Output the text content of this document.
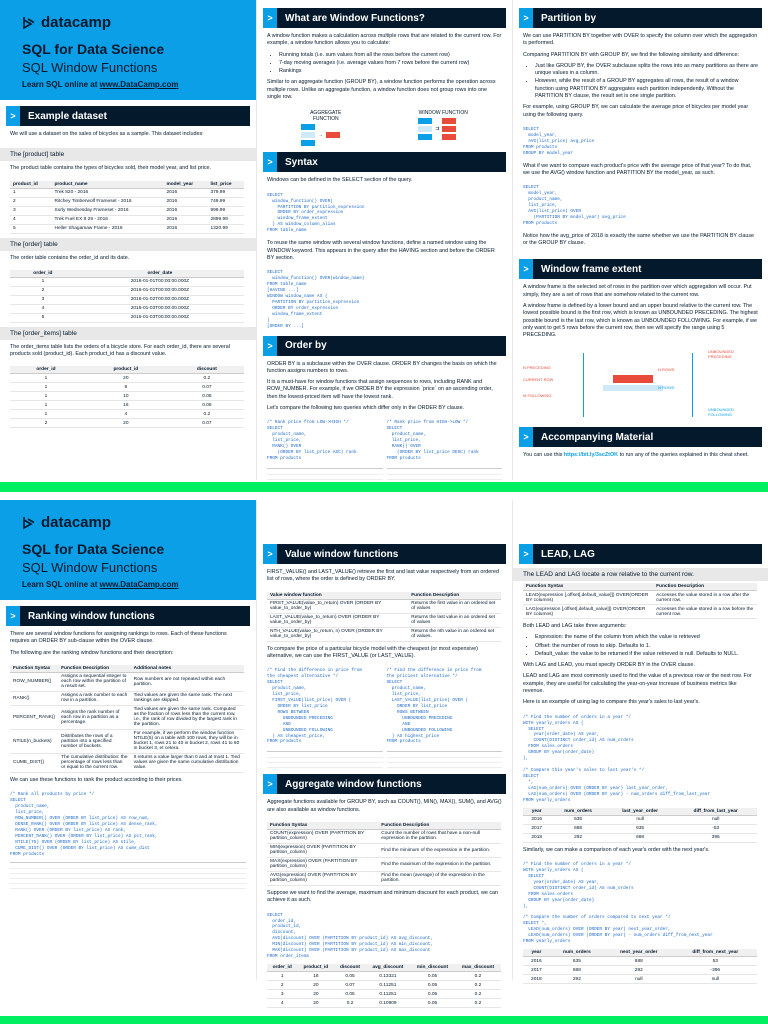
datacamp
SQL for Data Science
SQL Window Functions
Learn SQL online at www.DataCamp.com
>	Example dataset

We will use a dataset on the sales of bicycles as a sample. This dataset includes:

The [product] table

The product table contains the types of bicycles sold, their model year, and list price.

product_id	product_name	model_year	list_price
1	Trek 820 - 2016	2016	379.99
2	Ritchey Timberwolf Frameset - 2016	2016	749.99
3	Surly Wednesday Frameset - 2016	2016	999.99
4	Trek Fuel EX 8 29 - 2016	2016	2899.99
5	Heller Shagamaw Frame - 2016	2016	1320.99
The [order] table

The order table contains the order_id and its date.

order_id	order_date
1	2016-01-01T00:00:00.000Z
2	2016-01-01T00:00:00.000Z
3	2016-01-02T00:00:00.000Z
4	2016-01-03T00:00:00.000Z
5	2016-01-03T00:00:00.000Z
The [order_items] table

The order_items table lists the orders of a bicycle store. For each order_id, there are several products sold (product_id). Each product_id has a discount value.

order_id	product_id	discount
1	20	0.2
1	8	0.07
1	10	0.05
1	16	0.05
1	4	0.2
2	20	0.07
>	What are Window Functions?

A window function makes a calculation across multiple rows that are related to the current row. For example, a window function allows you to calculate:

• Running totals (i.e. sum values from all the rows before the current row)
• 7-day moving averages (i.e. average values from 7 rows before the current row)
• Rankings

Similar to an aggregate function (GROUP BY), a window function performs the operation across multiple rows. Unlike an aggregate function, a window function does not group rows into one single row.

AGGREGATE FUNCTION
→
WINDOW FUNCTION
⇉
>	Syntax

Windows can be defined in the SELECT section of the query.

SELECT
window_function() OVER(
PARTITION BY partition_expression
ORDER BY order_expression
window_frame_extent
) AS window_column_alias
FROM table_name

To reuse the same window with several window functions, define a named window using the WINDOW keyword. This appears in the query after the HAVING section and before the ORDER BY section.

SELECT
window_function() OVER(window_name)
FROM table_name
[HAVING ...]
WINDOW window_name AS (
PARTITION BY partition_expression
ORDER BY order_expression
window_frame_extent
)
[ORDER BY ...]
>	Order by

ORDER BY is a subclause within the OVER clause. ORDER BY changes the basis on which the function assigns numbers to rows.

It is a must-have for window functions that assign sequences to rows, including RANK and ROW_NUMBER. For example, if we ORDER BY the expression `price` on an ascending order, then the lowest-priced item will have the lowest rank.

Let's compare the following two queries which differ only in the ORDER BY clause.

/* Rank price from LOW->HIGH */
SELECT
product_name,
list_price,
RANK() OVER
(ORDER BY list_price ASC) rank
FROM products
/* Rank price from HIGH->LOW */
SELECT
product_name,
list_price,
RANK() OVER
(ORDER BY list_price DESC) rank
FROM products
>	Partition by

We can use PARTITION BY together with OVER to specify the column over which the aggregation is performed.

Comparing PARTITION BY with GROUP BY, we find the following similarity and difference:

• Just like GROUP BY, the OVER subclause splits the rows into as many partitions as there are unique values in a column.
• However, while the result of a GROUP BY aggregates all rows, the result of a window function using PARTITION BY aggregates each partition independently. Without the PARTITION BY clause, the result set is one single partition.

For example, using GROUP BY, we can calculate the average price of bicycles per model year using the following query.

SELECT
model_year,
AVG(list_price) avg_price
FROM products
GROUP BY model_year

What if we want to compare each product's price with the average price of that year? To do that, we use the AVG() window function and PARTITION BY the model_year, as such.

SELECT
model_year,
product_name,
list_price,
AVG(list_price) OVER
(PARTITION BY model_year) avg_price
FROM products

Notice how the avg_price of 2018 is exactly the same whether we use the PARTITION BY clause or the GROUP BY clause.

>	Window frame extent

A window frame is the selected set of rows in the partition over which aggregation will occur. Put simply, they are a set of rows that are somehow related to the current row.

A window frame is defined by a lower bound and an upper bound relative to the current row. The lowest possible bound is the first row, which is known as UNBOUNDED PRECEDING. The highest possible bound is the last row, which is known as UNBOUNDED FOLLOWING. For example, if we only want to get 5 rows before the current row, then we will specify the range using 5 PRECEDING.

UNBOUNDED PRECEDING
N PRECEDING
CURRENT ROW
N ROWS
N ROWS
M FOLLOWING
UNBOUNDED FOLLOWING
>	Accompanying Material

You can use this https://bit.ly/3scZtOK to run any of the queries explained in this cheat sheet.

datacamp
SQL for Data Science
SQL Window Functions
Learn SQL online at www.DataCamp.com
>	Ranking window functions

There are several window functions for assigning rankings to rows. Each of these functions requires an ORDER BY sub-clause within the OVER clause.

The following are the ranking window functions and their description:

Function Syntax	Function Description	Additional notes
ROW_NUMBER()	Assigns a sequential integer to each row within the partition of a result set.	Row numbers are not repeated within each partition.
RANK()	Assigns a rank number to each row in a partition.	Tied values are given the same rank. The next rankings are skipped.
PERCENT_RANK()	Assigns the rank number of each row in a partition as a percentage.	Tied values are given the same rank. Computed as the fraction of rows less than the current row, i.e., the rank of row divided by the largest rank in the partition.
NTILE(n_buckets)	Distributes the rows of a partition into a specified number of buckets.	For example, if we perform the window function NTILE(5) on a table with 100 rows, they will be in bucket 1, rows 21 to 40 in bucket 2, rows 41 to 60 in bucket 3, et cetera.
CUME_DIST()	The cumulative distribution: the percentage of rows less than or equal to the current row.	It returns a value larger than 0 and at most 1. Tied values are given the same cumulative distribution value.

We can use these functions to rank the product according to their prices.

/* Rank all products by price */
SELECT
product_name,
list_price,
ROW_NUMBER() OVER (ORDER BY list_price) AS row_num,
DENSE_RANK() OVER (ORDER BY list_price) AS dense_rank,
RANK() OVER (ORDER BY list_price) AS rank,
PERCENT_RANK() OVER (ORDER BY list_price) AS pct_rank,
NTILE(75) OVER (ORDER BY list_price) AS ntile,
CUME_DIST() OVER (ORDER BY list_price) AS cume_dist
FROM products
>	Value window functions

FIRST_VALUE() and LAST_VALUE() retrieve the first and last value respectively from an ordered list of rows, where the order is defined by ORDER BY.

Value window function	Function Description
FIRST_VALUE(value_to_return) OVER (ORDER BY value_to_order_by)	Returns the first value in an ordered set of values
LAST_VALUE(value_to_return) OVER (ORDER BY value_to_order_by)	Returns the last value in an ordered set of values
NTH_VALUE(value_to_return, n) OVER (ORDER BY value_to_order_by)	Returns the nth value in an ordered set of values.

To compare the price of a particular bicycle model with the cheapest (or most expensive) alternative, we can use the FIRST_VALUE (or LAST_VALUE).

/* Find the difference in price from
the cheapest alternative */
SELECT
product_name,
list_price,
FIRST_VALUE(list_price) OVER (
ORDER BY list_price
ROWS BETWEEN
UNBOUNDED PRECEDING
AND
UNBOUNDED FOLLOWING
) AS cheapest_price,
FROM products
/* Find the difference in price from
the priciest alternative */
SELECT
product_name,
list_price,
LAST_VALUE(list_price) OVER (
ORDER BY list_price
ROWS BETWEEN
UNBOUNDED PRECEDING
AND
UNBOUNDED FOLLOWING
) AS highest_price
FROM products
>	Aggregate window functions

Aggregate functions available for GROUP BY, such as COUNT(), MIN(), MAX(), SUM(), and AVG() are also available as window functions.

Function Syntax	Function Description
COUNT(expression) OVER (PARTITION BY partition_column)	Count the number of rows that have a non-null expression in the partition.
MIN(expression) OVER (PARTITION BY partition_column)	Find the minimum of the expression in the partition.
MAX(expression) OVER (PARTITION BY partition_column)	Find the maximum of the expression in the partition.
AVG(expression) OVER (PARTITION BY partition_column)	Find the mean (average) of the expression in the partition.

Suppose we want to find the average, maximum and minimum discount for each product, we can achieve it as such.

SELECT
order_id,
product_id,
discount,
AVG(discount) OVER (PARTITION BY product_id) AS avg_discount,
MIN(discount) OVER (PARTITION BY product_id) AS min_discount,
MAX(discount) OVER (PARTITION BY product_id) AS max_discount
FROM order_items
order_id	product_id	discount	avg_discount	min_discount	max_discount
1	16	0.05	0.13321	0.05	0.2
2	20	0.07	0.11251	0.05	0.2
3	20	0.05	0.11251	0.05	0.2
4	20	0.2	0.10909	0.05	0.2
>	LEAD, LAG
The LEAD and LAG locate a row relative to the current row.
Function Syntax	Function Description
LEAD(expression [,offset[,default_value]]) OVER(ORDER BY columns)	Accesses the value stored in a row after the current row.
LAG(expression [,offset[,default_value]]) OVER(ORDER BY columns)	Accesses the value stored in a row before the current row.

Both LEAD and LAG take three arguments:

• Expression: the name of the column from which the value is retrieved
• Offset: the number of rows to skip. Defaults to 1.
• Default_value: the value to be returned if the value retrieved is null. Defaults to NULL.

With LAG and LEAD, you must specify ORDER BY in the OVER clause.

LEAD and LAG are most commonly used to find the value of a previous row or the next row. For example, they are useful for calculating the year-on-year increase of business metrics like revenue.

Here is an example of using lag to compare this year's sales to last year's.

/* Find the number of orders in a year */
WITH yearly_orders AS (
SELECT
year(order_date) AS year,
COUNT(DISTINCT order_id) AS num_orders
FROM sales.orders
GROUP BY year(order_date)
),

/* Compare this year's sales to last year's */
SELECT
*,
LAG(num_orders) OVER (ORDER BY year) last_year_order,
LAG(num_orders) OVER (ORDER BY year) - num_orders diff_from_last_year
FROM yearly_orders
year	num_orders	last_year_order	diff_from_last_year
2016	635	null	null
2017	688	635	-53
2018	292	688	396

Similarly, we can make a comparison of each year's order with the next year's.

/* Find the number of orders in a year */
WITH yearly_orders AS (
SELECT
year(order_date) AS year,
COUNT(DISTINCT order_id) AS num_orders
FROM sales.orders
GROUP BY year(order_date)
),

/* Compare the number of orders compared to next year */
SELECT *,
LEAD(num_orders) OVER (ORDER BY year) next_year_order,
LEAD(num_orders) OVER (ORDER BY year) - num_orders diff_from_next_year
FROM yearly_orders
year	num_orders	next_year_order	diff_from_next_year
2016	635	688	53
2017	688	292	-396
2018	292	null	null
